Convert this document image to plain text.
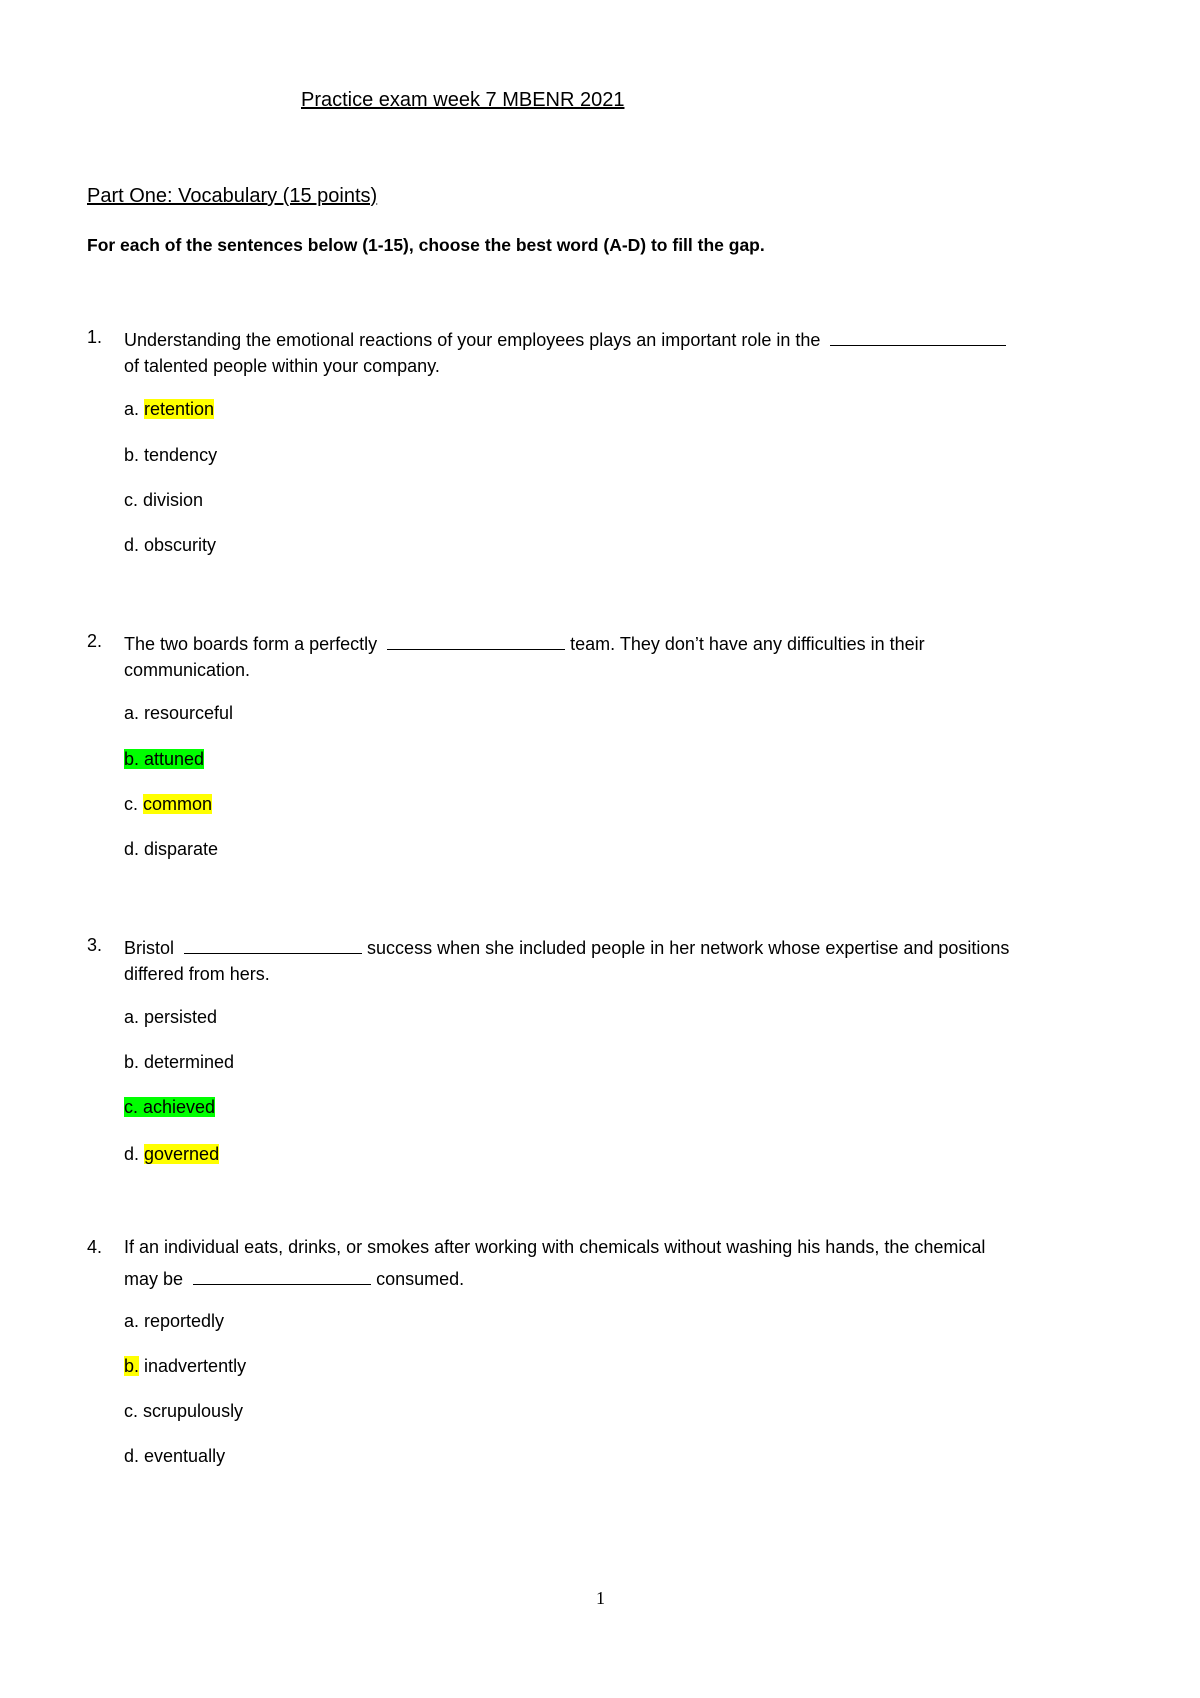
Practice exam week 7 MBENR 2021
Part One: Vocabulary (15 points)
For each of the sentences below (1-15), choose the best word (A-D) to fill the gap.
1. Understanding the emotional reactions of your employees plays an important role in the
of talented people within your company.
a. retention
b. tendency
c. division
d. obscurity
2. The two boards form a perfectly	team. They don’t have any difficulties in their
communication.
a. resourceful
b. attuned
c. common
d. disparate
3. Bristol	success when she included people in her network whose expertise and positions
differed from hers.
a. persisted
b. determined
c. achieved
d. governed
4. If an individual eats, drinks, or smokes after working with chemicals without washing his hands, the chemical
may be	consumed.
a. reportedly
b. inadvertently
c. scrupulously
d. eventually
1
